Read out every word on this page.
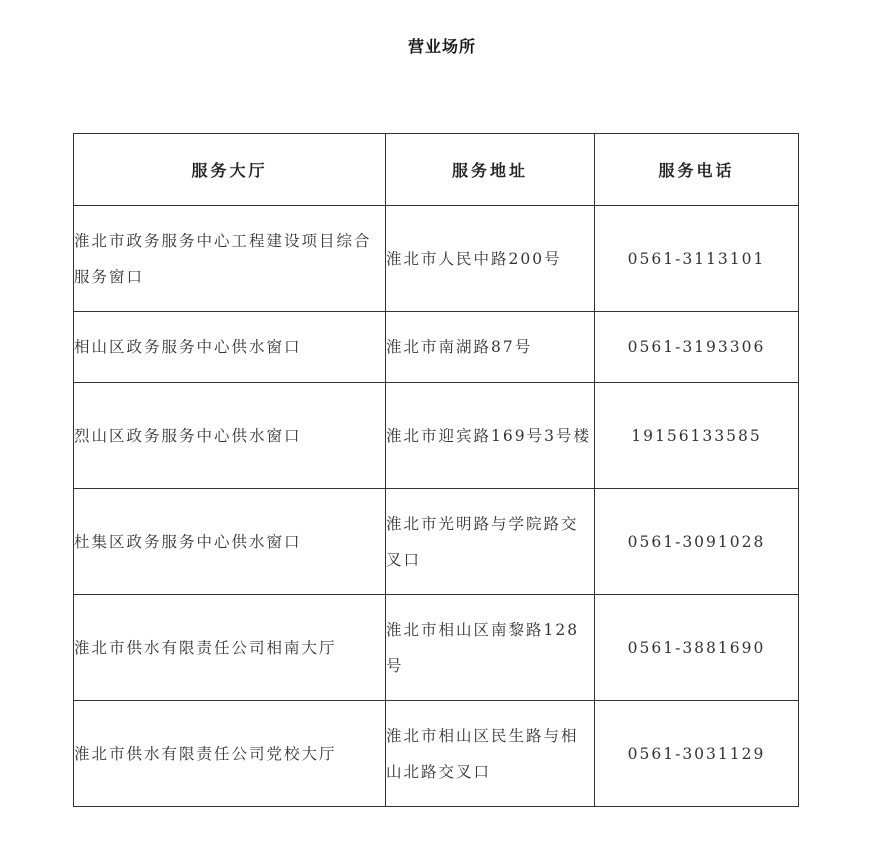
营业场所
服务大厅	服务地址	服务电话
淮北市政务服务中心工程建设项目综合服务窗口	淮北市人民中路200号	0561-3113101
相山区政务服务中心供水窗口	淮北市南湖路87号	0561-3193306
烈山区政务服务中心供水窗口	淮北市迎宾路169号3号楼	19156133585
杜集区政务服务中心供水窗口	淮北市光明路与学院路交叉口	0561-3091028
淮北市供水有限责任公司相南大厅	淮北市相山区南黎路128号	0561-3881690
淮北市供水有限责任公司党校大厅	淮北市相山区民生路与相山北路交叉口	0561-3031129
